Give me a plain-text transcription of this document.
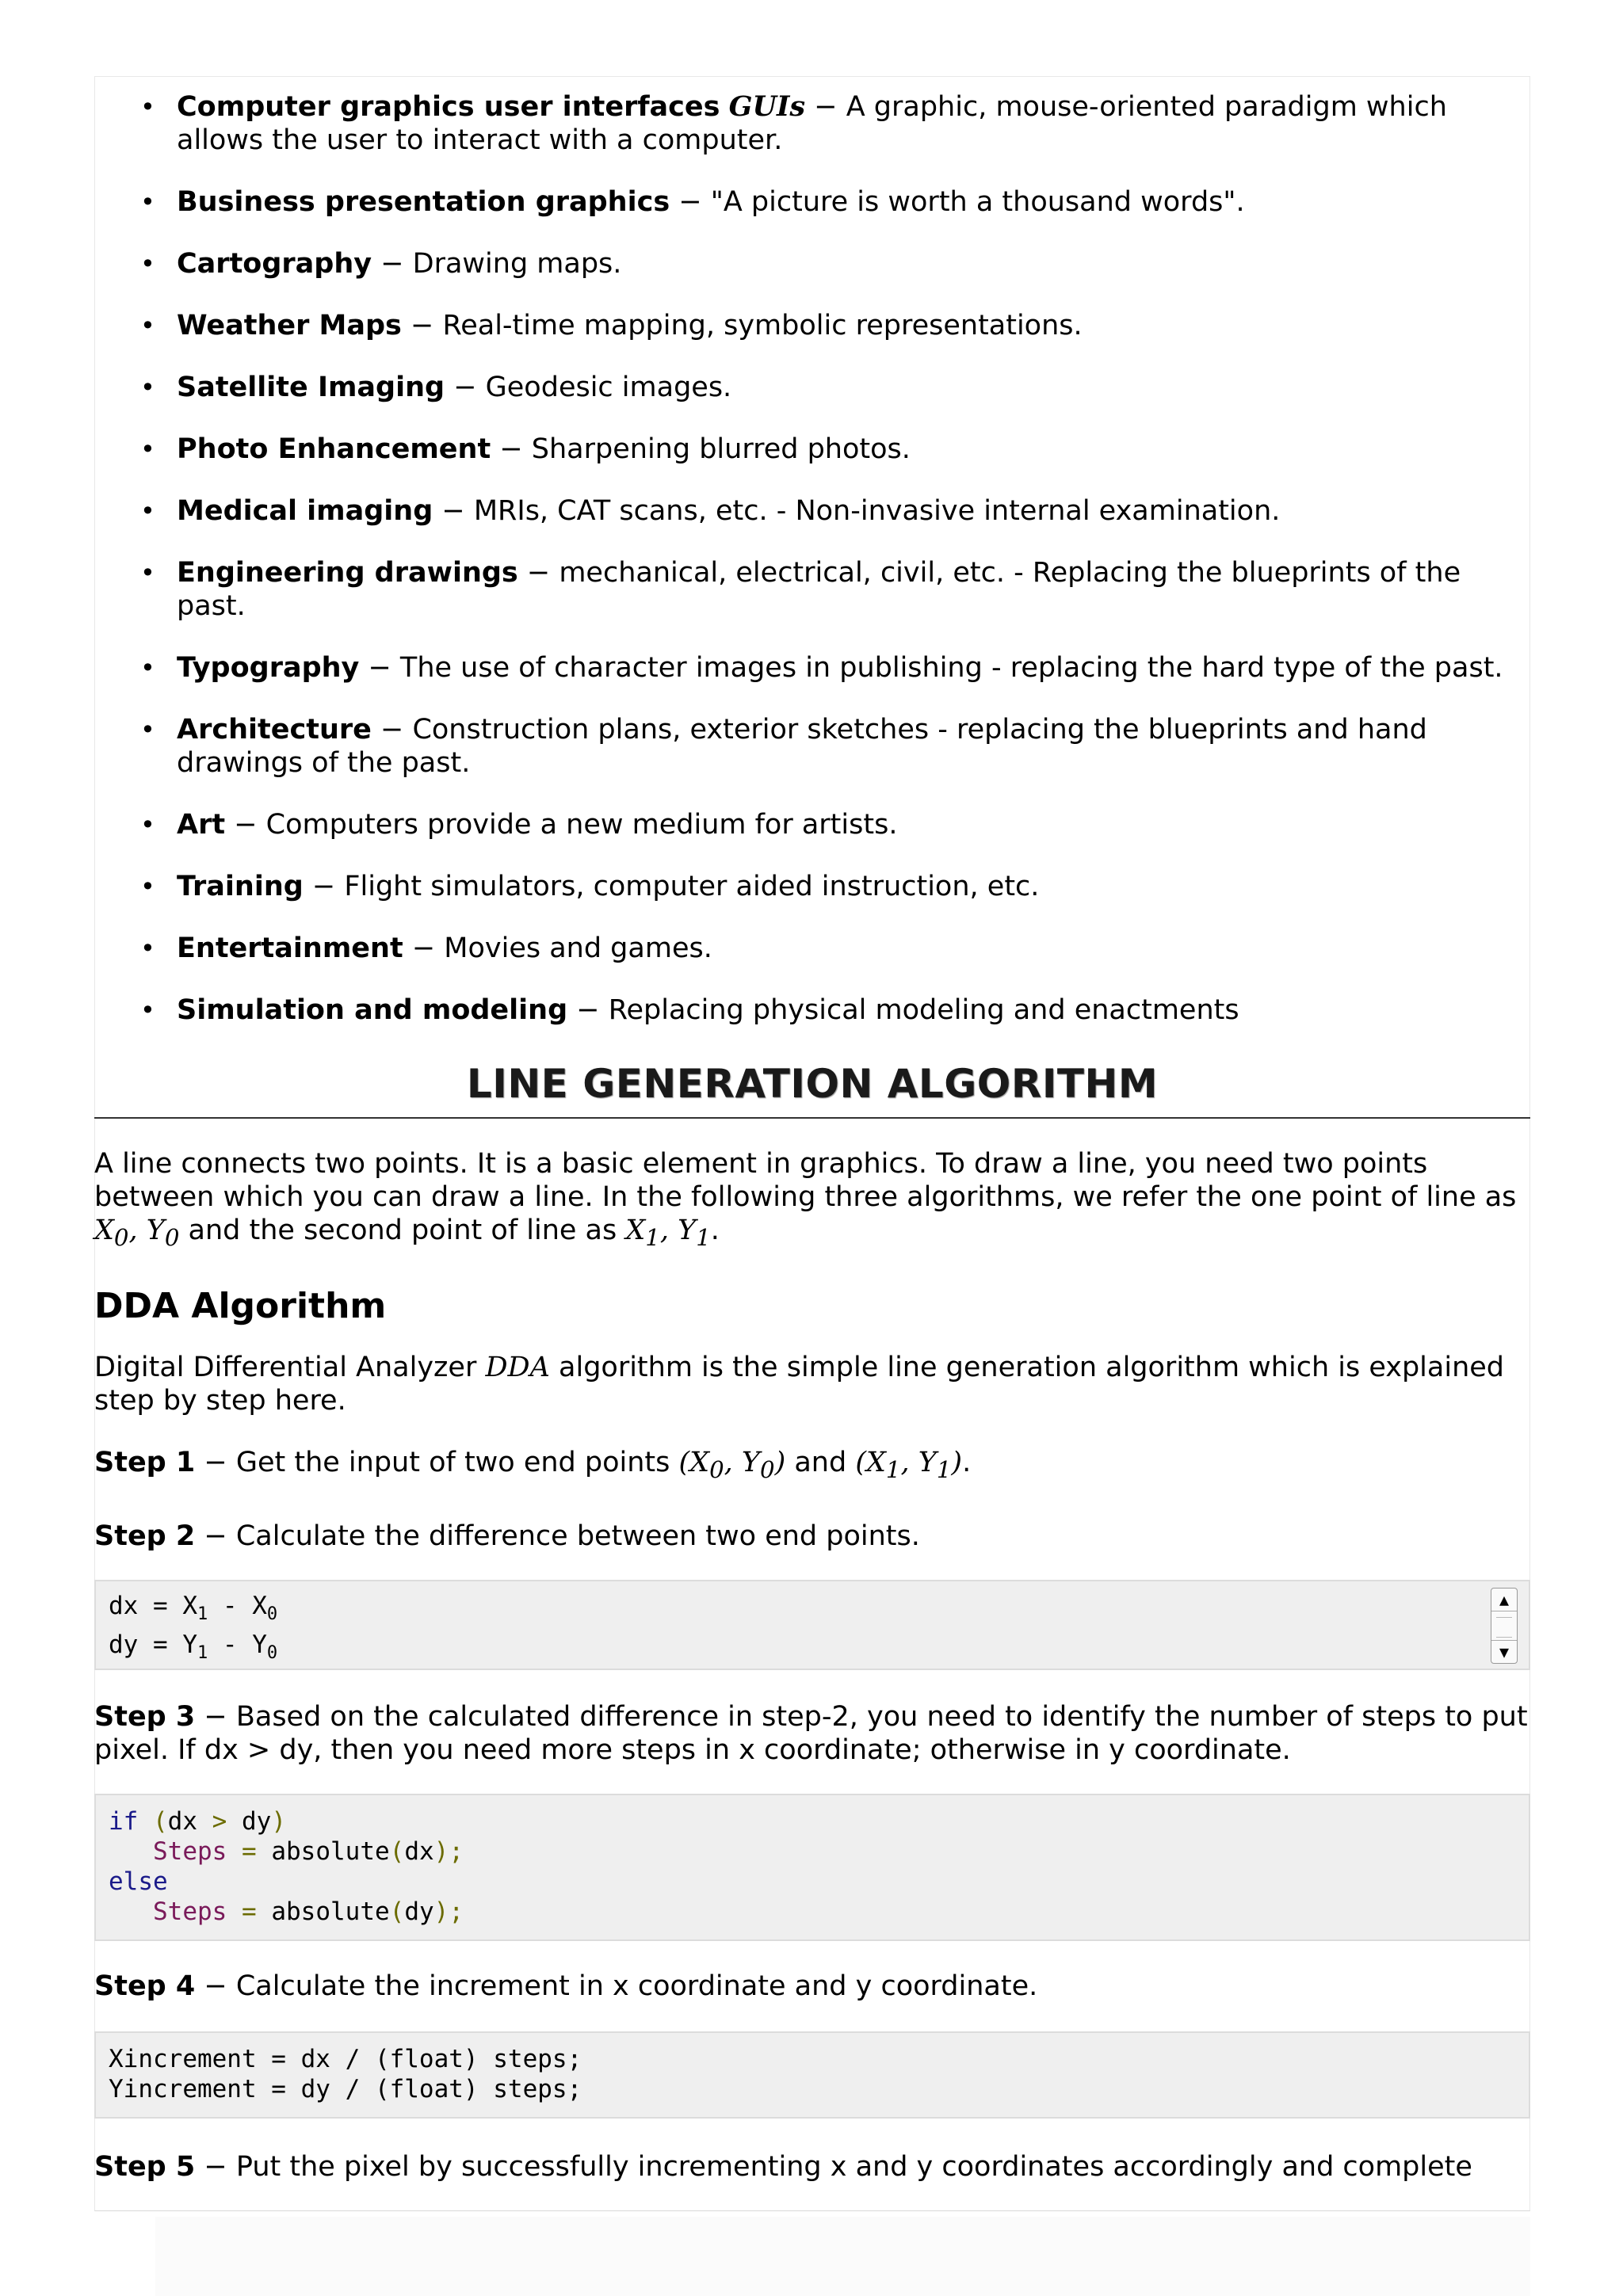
• Computer graphics user interfaces GUIs − A graphic, mouse-oriented paradigm which allows the user to interact with a computer.
• Business presentation graphics − "A picture is worth a thousand words".
• Cartography − Drawing maps.
• Weather Maps − Real-time mapping, symbolic representations.
• Satellite Imaging − Geodesic images.
• Photo Enhancement − Sharpening blurred photos.
• Medical imaging − MRIs, CAT scans, etc. - Non-invasive internal examination.
• Engineering drawings − mechanical, electrical, civil, etc. - Replacing the blueprints of the past.
• Typography − The use of character images in publishing - replacing the hard type of the past.
• Architecture − Construction plans, exterior sketches - replacing the blueprints and hand drawings of the past.
• Art − Computers provide a new medium for artists.
• Training − Flight simulators, computer aided instruction, etc.
• Entertainment − Movies and games.
• Simulation and modeling − Replacing physical modeling and enactments
LINE GENERATION ALGORITHM

A line connects two points. It is a basic element in graphics. To draw a line, you need two points between which you can draw a line. In the following three algorithms, we refer the one point of line as $X_0$, $Y_0$ and the second point of line as $X_1$, $Y_1$.

DDA Algorithm

Digital Differential Analyzer DDA algorithm is the simple line generation algorithm which is explained step by step here.

Step 1 − Get the input of two end points ($X_0$, $Y_0$) and ($X_1$, $Y_1$).

Step 2 − Calculate the difference between two end points.

dx = $X_1 - X_0$
dy = $Y_1 - Y_0$
▲
▼

Step 3 − Based on the calculated difference in step-2, you need to identify the number of steps to put pixel. If dx > dy, then you need more steps in x coordinate; otherwise in y coordinate.

if (dx > dy)
Steps = absolute(dx);
else
Steps = absolute(dy);

Step 4 − Calculate the increment in x coordinate and y coordinate.

Xincrement = dx / (float) steps;
Yincrement = dy / (float) steps;

Step 5 − Put the pixel by successfully incrementing x and y coordinates accordingly and complete
